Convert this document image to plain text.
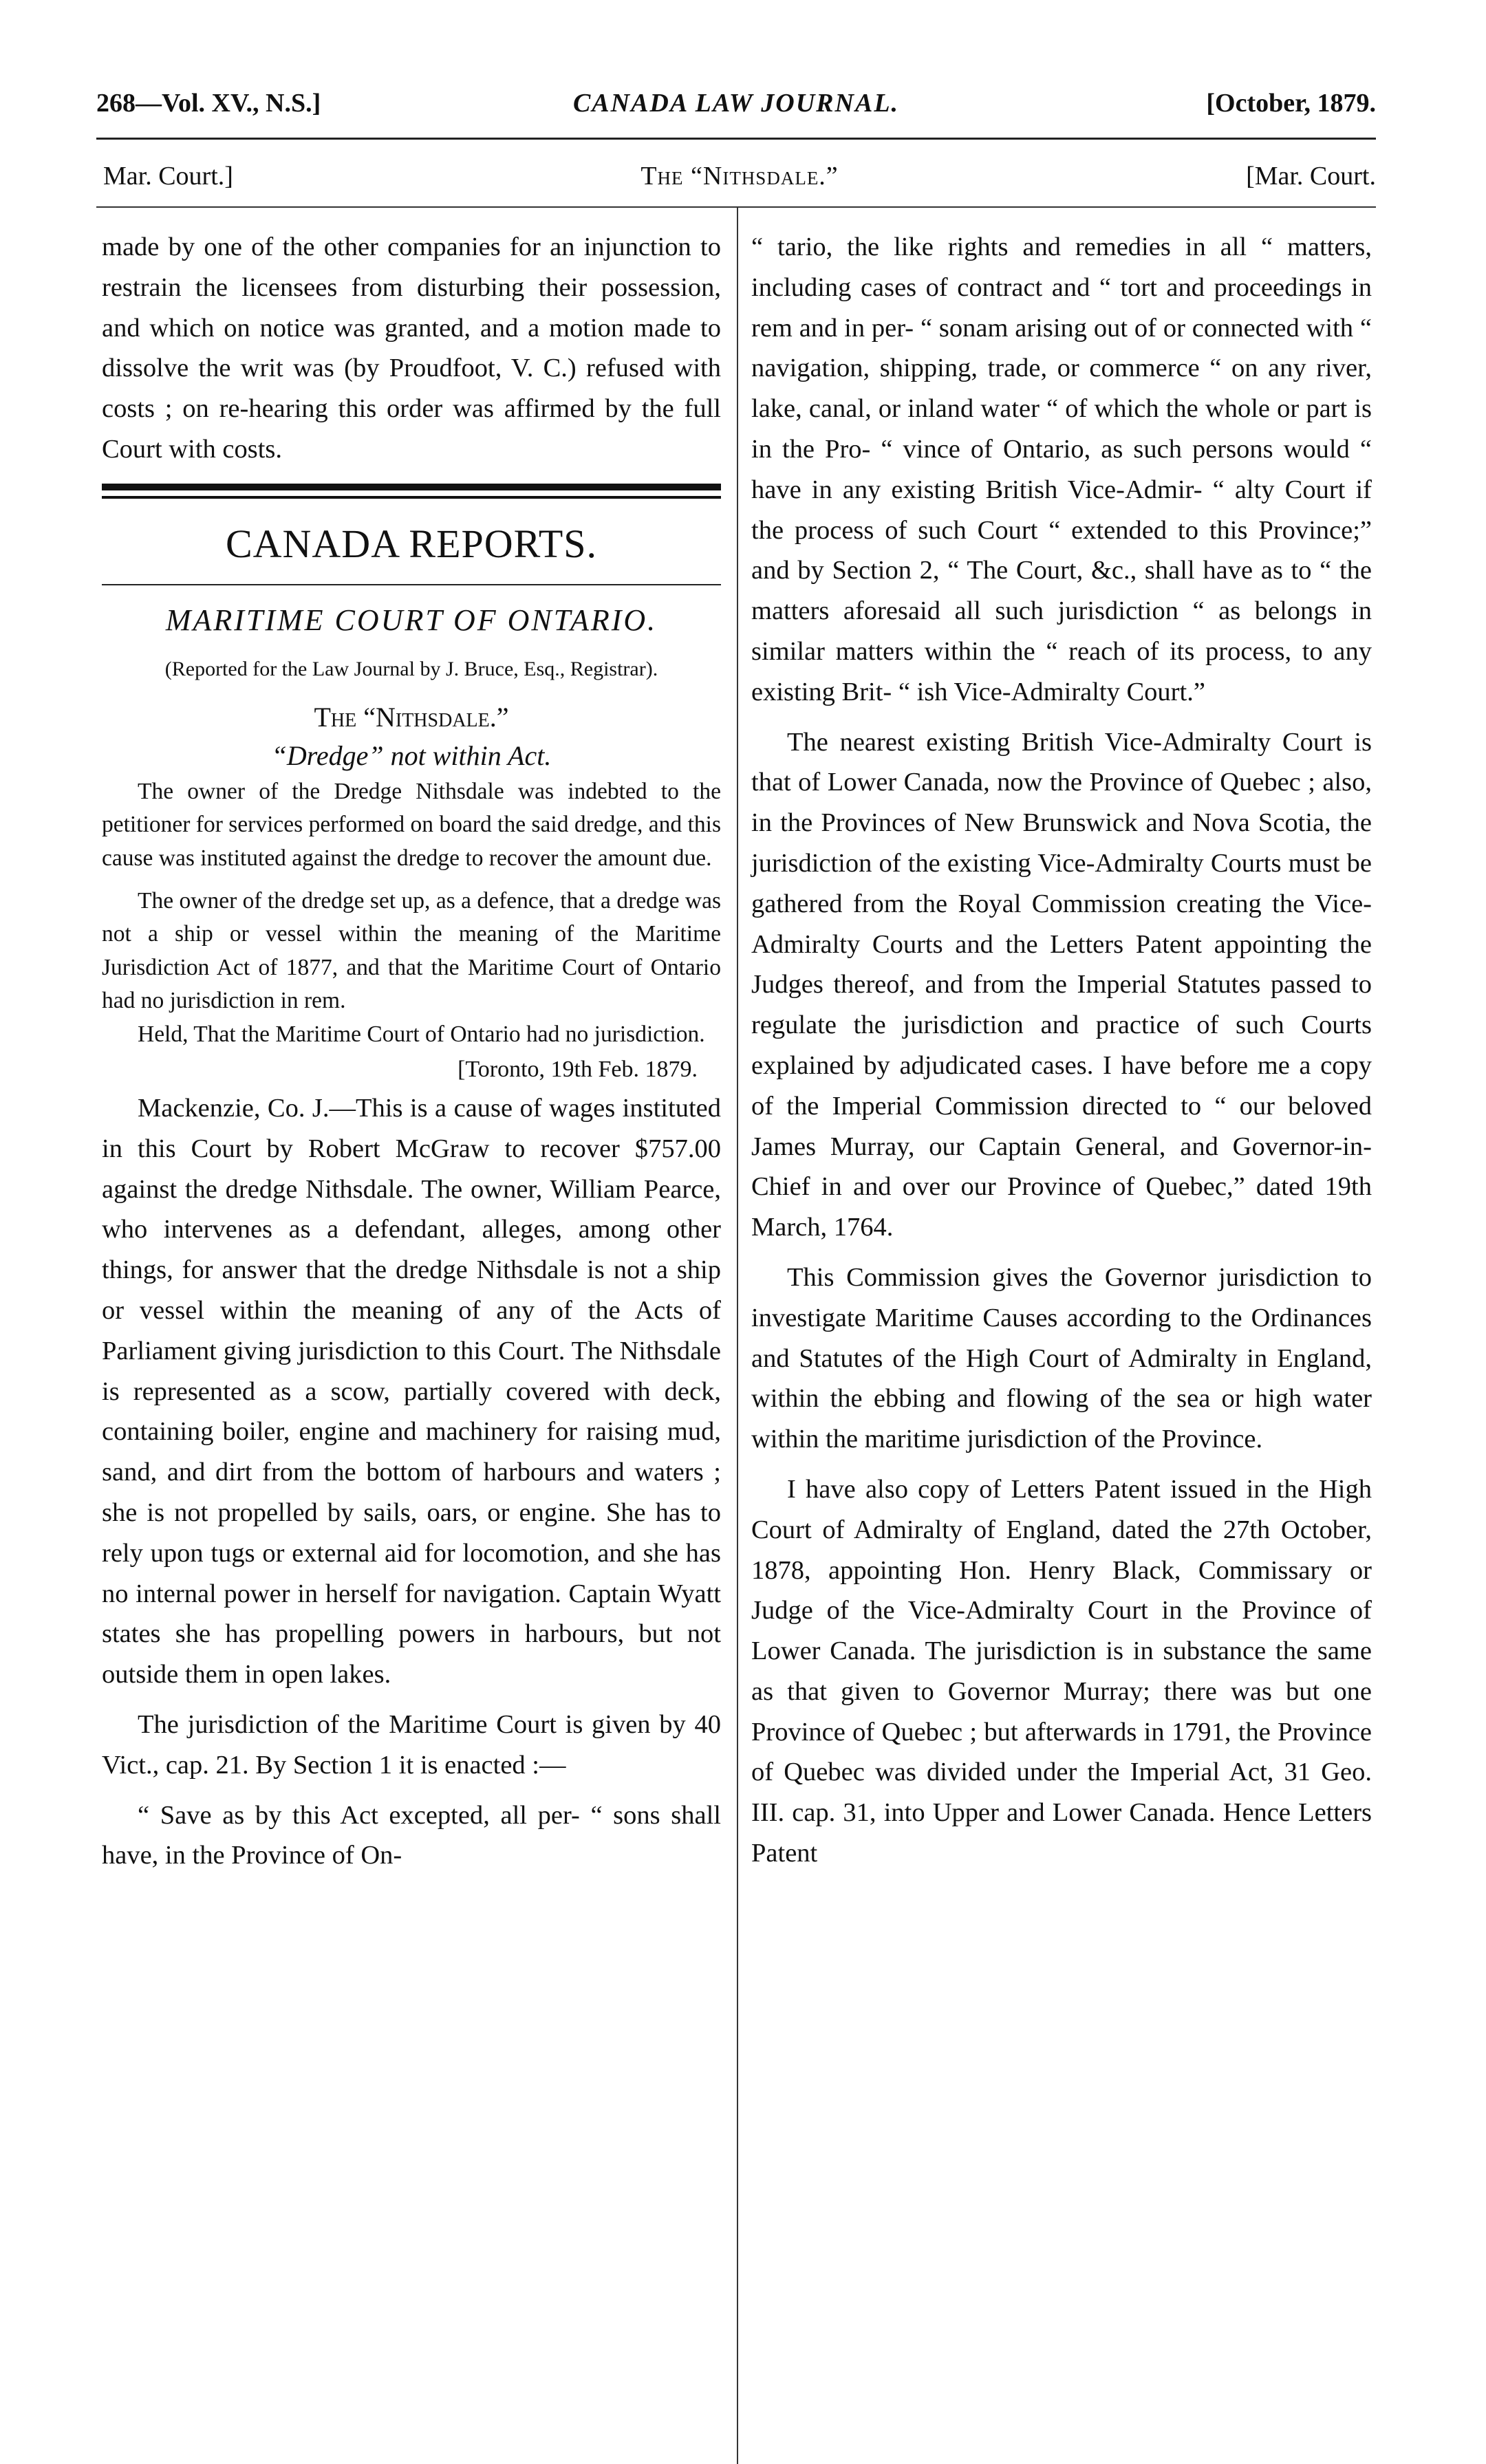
268—Vol. XV., N.S.]	CANADA LAW JOURNAL.	[October, 1879.
Mar. Court.]	The “Nithsdale.”	[Mar. Court.

made by one of the other companies for an injunction to restrain the licensees from disturbing their possession, and which on notice was granted, and a motion made to dissolve the writ was (by Proudfoot, V. C.) refused with costs ; on re-hearing this order was affirmed by the full Court with costs.

CANADA REPORTS.
MARITIME COURT OF ONTARIO.
(Reported for the Law Journal by J. Bruce, Esq., Registrar).
The “Nithsdale.”
“Dredge” not within Act.

The owner of the Dredge Nithsdale was indebted to the petitioner for services performed on board the said dredge, and this cause was instituted against the dredge to recover the amount due.

The owner of the dredge set up, as a defence, that a dredge was not a ship or vessel within the meaning of the Maritime Jurisdiction Act of 1877, and that the Maritime Court of Ontario had no jurisdiction in rem.

Held, That the Maritime Court of Ontario had no jurisdiction.

[Toronto, 19th Feb. 1879.

Mackenzie, Co. J.—This is a cause of wages instituted in this Court by Robert McGraw to recover $757.00 against the dredge Nithsdale. The owner, William Pearce, who intervenes as a defendant, alleges, among other things, for answer that the dredge Nithsdale is not a ship or vessel within the meaning of any of the Acts of Parliament giving jurisdiction to this Court. The Nithsdale is represented as a scow, partially covered with deck, containing boiler, engine and machinery for raising mud, sand, and dirt from the bottom of harbours and waters ; she is not propelled by sails, oars, or engine. She has to rely upon tugs or external aid for locomotion, and she has no internal power in herself for navigation. Captain Wyatt states she has propelling powers in harbours, but not outside them in open lakes.

The jurisdiction of the Maritime Court is given by 40 Vict., cap. 21. By Section 1 it is enacted :—

“ Save as by this Act excepted, all per- “ sons shall have, in the Province of On-

“ tario, the like rights and remedies in all “ matters, including cases of contract and “ tort and proceedings in rem and in per- “ sonam arising out of or connected with “ navigation, shipping, trade, or commerce “ on any river, lake, canal, or inland water “ of which the whole or part is in the Pro- “ vince of Ontario, as such persons would “ have in any existing British Vice-Admir- “ alty Court if the process of such Court “ extended to this Province;” and by Section 2, “ The Court, &c., shall have as to “ the matters aforesaid all such jurisdiction “ as belongs in similar matters within the “ reach of its process, to any existing Brit- “ ish Vice-Admiralty Court.”

The nearest existing British Vice-Admiralty Court is that of Lower Canada, now the Province of Quebec ; also, in the Provinces of New Brunswick and Nova Scotia, the jurisdiction of the existing Vice-Admiralty Courts must be gathered from the Royal Commission creating the Vice-Admiralty Courts and the Letters Patent appointing the Judges thereof, and from the Imperial Statutes passed to regulate the jurisdiction and practice of such Courts explained by adjudicated cases. I have before me a copy of the Imperial Commission directed to “ our beloved James Murray, our Captain General, and Governor-in-Chief in and over our Province of Quebec,” dated 19th March, 1764.

This Commission gives the Governor jurisdiction to investigate Maritime Causes according to the Ordinances and Statutes of the High Court of Admiralty in England, within the ebbing and flowing of the sea or high water within the maritime jurisdiction of the Province.

I have also copy of Letters Patent issued in the High Court of Admiralty of England, dated the 27th October, 1878, appointing Hon. Henry Black, Commissary or Judge of the Vice-Admiralty Court in the Province of Lower Canada. The jurisdiction is in substance the same as that given to Governor Murray; there was but one Province of Quebec ; but afterwards in 1791, the Province of Quebec was divided under the Imperial Act, 31 Geo. III. cap. 31, into Upper and Lower Canada. Hence Letters Patent
